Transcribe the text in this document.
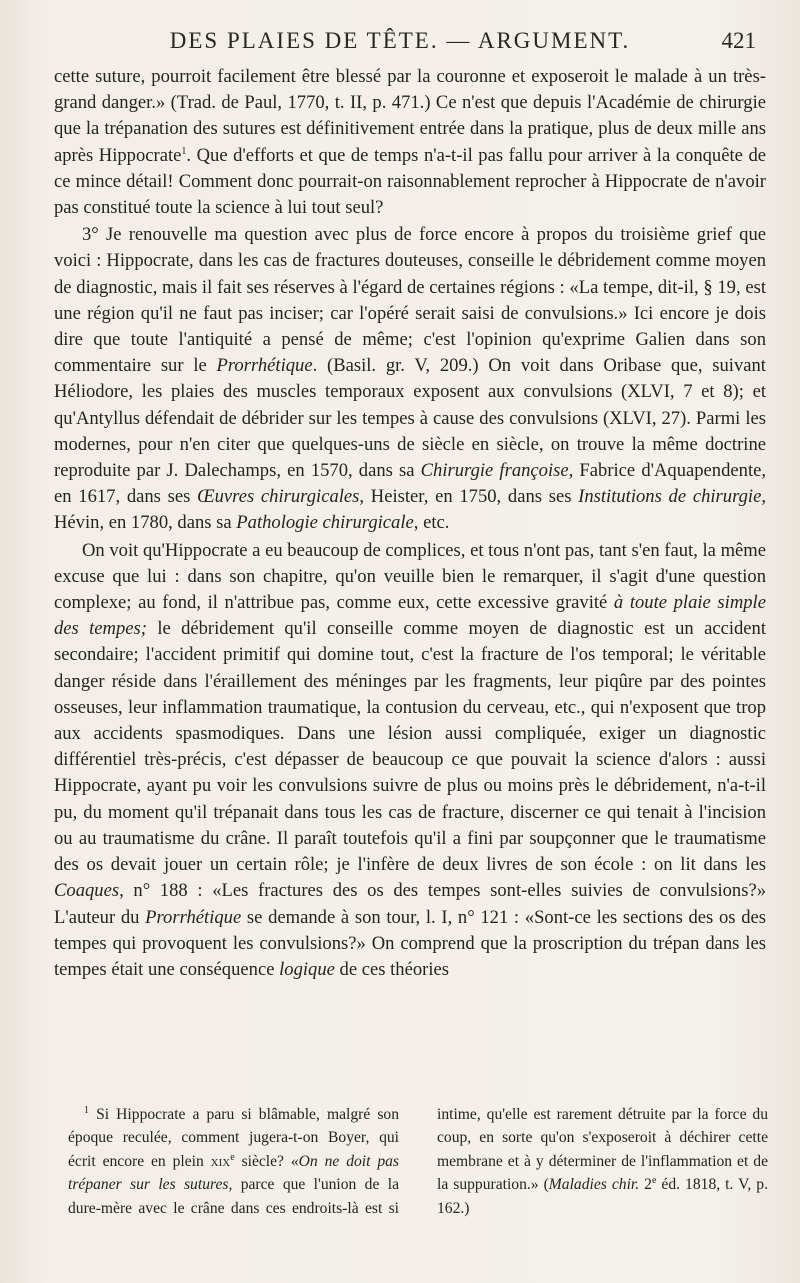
DES PLAIES DE TÊTE. — ARGUMENT.	421

cette suture, pourroit facilement être blessé par la couronne et exposeroit le malade à un très-grand danger.» (Trad. de Paul, 1770, t. II, p. 471.) Ce n'est que depuis l'Académie de chirurgie que la trépanation des sutures est définitivement entrée dans la pratique, plus de deux mille ans après Hippocrate$^1$. Que d'efforts et que de temps n'a-t-il pas fallu pour arriver à la conquête de ce mince détail! Comment donc pourrait-on raisonnablement reprocher à Hippocrate de n'avoir pas constitué toute la science à lui tout seul?

3° Je renouvelle ma question avec plus de force encore à propos du troisième grief que voici : Hippocrate, dans les cas de fractures douteuses, conseille le débridement comme moyen de diagnostic, mais il fait ses réserves à l'égard de certaines régions : «La tempe, dit-il, § 19, est une région qu'il ne faut pas inciser; car l'opéré serait saisi de convulsions.» Ici encore je dois dire que toute l'antiquité a pensé de même; c'est l'opinion qu'exprime Galien dans son commentaire sur le Prorrhétique. (Basil. gr. V, 209.) On voit dans Oribase que, suivant Héliodore, les plaies des muscles temporaux exposent aux convulsions (XLVI, 7 et 8); et qu'Antyllus défendait de débrider sur les tempes à cause des convulsions (XLVI, 27). Parmi les modernes, pour n'en citer que quelques-uns de siècle en siècle, on trouve la même doctrine reproduite par J. Dalechamps, en 1570, dans sa Chirurgie françoise, Fabrice d'Aquapendente, en 1617, dans ses Œuvres chirurgicales, Heister, en 1750, dans ses Institutions de chirurgie, Hévin, en 1780, dans sa Pathologie chirurgicale, etc.

On voit qu'Hippocrate a eu beaucoup de complices, et tous n'ont pas, tant s'en faut, la même excuse que lui : dans son chapitre, qu'on veuille bien le remarquer, il s'agit d'une question complexe; au fond, il n'attribue pas, comme eux, cette excessive gravité à toute plaie simple des tempes; le débridement qu'il conseille comme moyen de diagnostic est un accident secondaire; l'accident primitif qui domine tout, c'est la fracture de l'os temporal; le véritable danger réside dans l'éraillement des méninges par les fragments, leur piqûre par des pointes osseuses, leur inflammation traumatique, la contusion du cerveau, etc., qui n'exposent que trop aux accidents spasmodiques. Dans une lésion aussi compliquée, exiger un diagnostic différentiel très-précis, c'est dépasser de beaucoup ce que pouvait la science d'alors : aussi Hippocrate, ayant pu voir les convulsions suivre de plus ou moins près le débridement, n'a-t-il pu, du moment qu'il trépanait dans tous les cas de fracture, discerner ce qui tenait à l'incision ou au traumatisme du crâne. Il paraît toutefois qu'il a fini par soupçonner que le traumatisme des os devait jouer un certain rôle; je l'infère de deux livres de son école : on lit dans les Coaques, n° 188 : «Les fractures des os des tempes sont-elles suivies de convulsions?» L'auteur du Prorrhétique se demande à son tour, l. I, n° 121 : «Sont-ce les sections des os des tempes qui provoquent les convulsions?» On comprend que la proscription du trépan dans les tempes était une conséquence logique de ces théories

$^1$ Si Hippocrate a paru si blâmable, malgré son époque reculée, comment jugera-t-on Boyer, qui écrit encore en plein xix$^e$ siècle? «On ne doit pas trépaner sur les sutures, parce que l'union de la dure-mère avec le crâne dans ces endroits-là est si intime, qu'elle est rarement détruite par la force du coup, en sorte qu'on s'exposeroit à déchirer cette membrane et à y déterminer de l'inflammation et de la suppuration.» (Maladies chir. 2e éd. 1818, t. V, p. 162.)
